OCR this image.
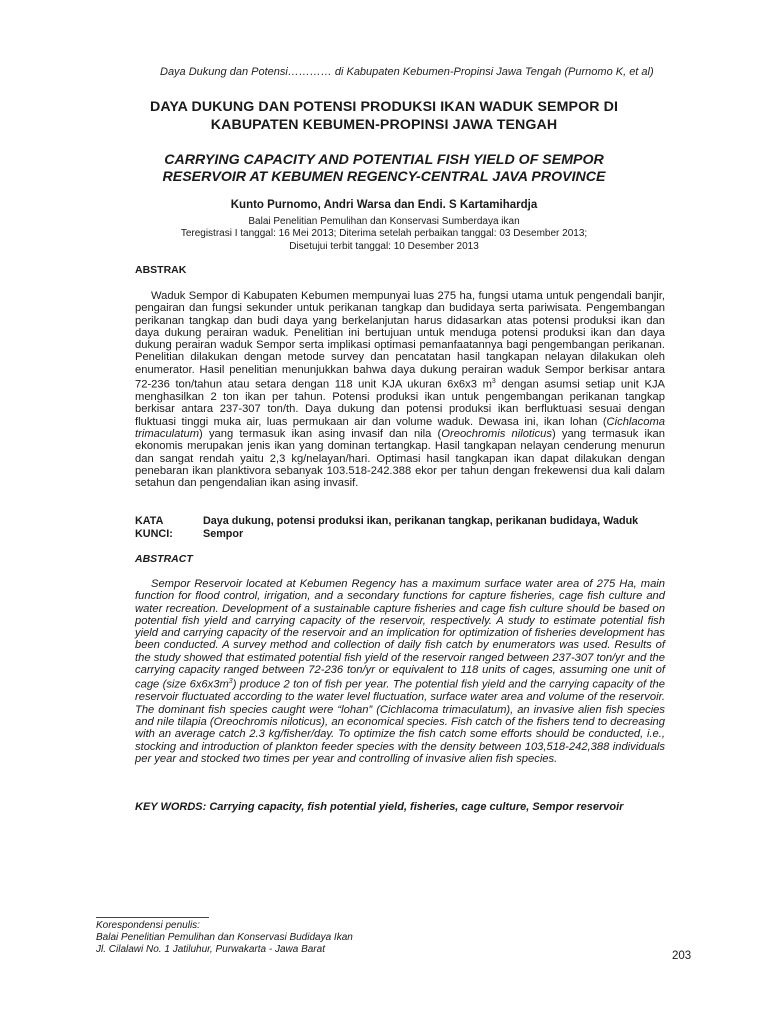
Daya Dukung dan Potensi………… di Kabupaten Kebumen-Propinsi Jawa Tengah (Purnomo K, et al)
DAYA DUKUNG DAN POTENSI PRODUKSI IKAN WADUK SEMPOR DI
KABUPATEN KEBUMEN-PROPINSI JAWA TENGAH
CARRYING CAPACITY AND POTENTIAL FISH YIELD OF SEMPOR
RESERVOIR AT KEBUMEN REGENCY-CENTRAL JAVA PROVINCE
Kunto Purnomo, Andri Warsa dan Endi. S Kartamihardja
Balai Penelitian Pemulihan dan Konservasi Sumberdaya ikan
Teregistrasi I tanggal: 16 Mei 2013; Diterima setelah perbaikan tanggal: 03 Desember 2013;
Disetujui terbit tanggal: 10 Desember 2013
ABSTRAK

Waduk Sempor di Kabupaten Kebumen mempunyai luas 275 ha, fungsi utama untuk pengendali banjir, pengairan dan fungsi sekunder untuk perikanan tangkap dan budidaya serta pariwisata. Pengembangan perikanan tangkap dan budi daya yang berkelanjutan harus didasarkan atas potensi produksi ikan dan daya dukung perairan waduk. Penelitian ini bertujuan untuk menduga potensi produksi ikan dan daya dukung perairan waduk Sempor serta implikasi optimasi pemanfaatannya bagi pengembangan perikanan. Penelitian dilakukan dengan metode survey dan pencatatan hasil tangkapan nelayan dilakukan oleh enumerator. Hasil penelitian menunjukkan bahwa daya dukung perairan waduk Sempor berkisar antara 72-236 ton/tahun atau setara dengan 118 unit KJA ukuran 6x6x3 $m^3$ dengan asumsi setiap unit KJA menghasilkan 2 ton ikan per tahun. Potensi produksi ikan untuk pengembangan perikanan tangkap berkisar antara 237-307 ton/th. Daya dukung dan potensi produksi ikan berfluktuasi sesuai dengan fluktuasi tinggi muka air, luas permukaan air dan volume waduk. Dewasa ini, ikan lohan (Cichlacoma trimaculatum) yang termasuk ikan asing invasif dan nila (Oreochromis niloticus) yang termasuk ikan ekonomis merupakan jenis ikan yang dominan tertangkap. Hasil tangkapan nelayan cenderung menurun dan sangat rendah yaitu 2,3 kg/nelayan/hari. Optimasi hasil tangkapan ikan dapat dilakukan dengan penebaran ikan planktivora sebanyak 103.518-242.388 ekor per tahun dengan frekewensi dua kali dalam setahun dan pengendalian ikan asing invasif.

KATA KUNCI:
Daya dukung, potensi produksi ikan, perikanan tangkap, perikanan budidaya, Waduk Sempor
ABSTRACT

Sempor Reservoir located at Kebumen Regency has a maximum surface water area of 275 Ha, main function for flood control, irrigation, and a secondary functions for capture fisheries, cage fish culture and water recreation. Development of a sustainable capture fisheries and cage fish culture should be based on potential fish yield and carrying capacity of the reservoir, respectively. A study to estimate potential fish yield and carrying capacity of the reservoir and an implication for optimization of fisheries development has been conducted. A survey method and collection of daily fish catch by enumerators was used. Results of the study showed that estimated potential fish yield of the reservoir ranged between 237-307 ton/yr and the carrying capacity ranged between 72-236 ton/yr or equivalent to 118 units of cages, assuming one unit of cage (size $6x6x3m^3$) produce 2 ton of fish per year. The potential fish yield and the carrying capacity of the reservoir fluctuated according to the water level fluctuation, surface water area and volume of the reservoir. The dominant fish species caught were “lohan” (Cichlacoma trimaculatum), an invasive alien fish species and nile tilapia (Oreochromis niloticus), an economical species. Fish catch of the fishers tend to decreasing with an average catch 2.3 kg/fisher/day. To optimize the fish catch some efforts should be conducted, i.e., stocking and introduction of plankton feeder species with the density between 103,518-242,388 individuals per year and stocked two times per year and controlling of invasive alien fish species.

KEY WORDS: Carrying capacity, fish potential yield, fisheries, cage culture, Sempor reservoir
Korespondensi penulis:
Balai Penelitian Pemulihan dan Konservasi Budidaya Ikan
Jl. Cilalawi No. 1 Jatiluhur, Purwakarta - Jawa Barat
203
